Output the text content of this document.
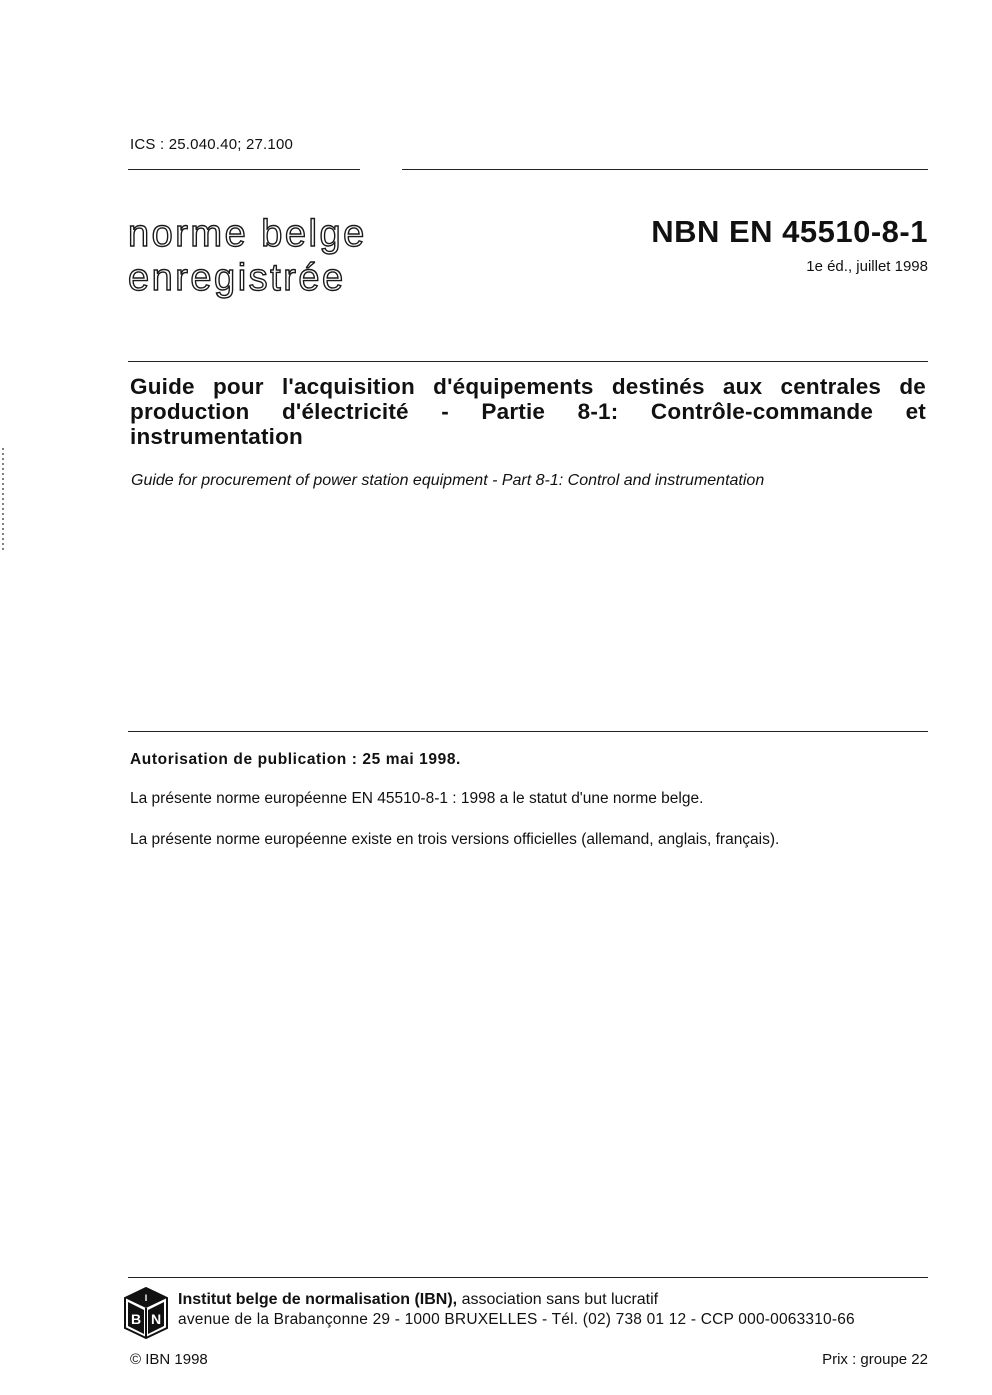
ICS : 25.040.40; 27.100
norme belge
enregistrée
NBN EN 45510-8-1
1e éd., juillet 1998
Guide pour l'acquisition d'équipements destinés aux centrales de production d'électricité - Partie 8-1: Contrôle-commande et instrumentation
Guide for procurement of power station equipment - Part 8-1: Control and instrumentation
Autorisation de publication : 25 mai 1998.
La présente norme européenne EN 45510-8-1 : 1998 a le statut d'une norme belge.
La présente norme européenne existe en trois versions officielles (allemand, anglais, français).
B N
I Institut belge de normalisation (IBN), association sans but lucratif
avenue de la Brabançonne 29 - 1000 BRUXELLES - Tél. (02) 738 01 12 - CCP 000-0063310-66
© IBN 1998	Prix : groupe 22
